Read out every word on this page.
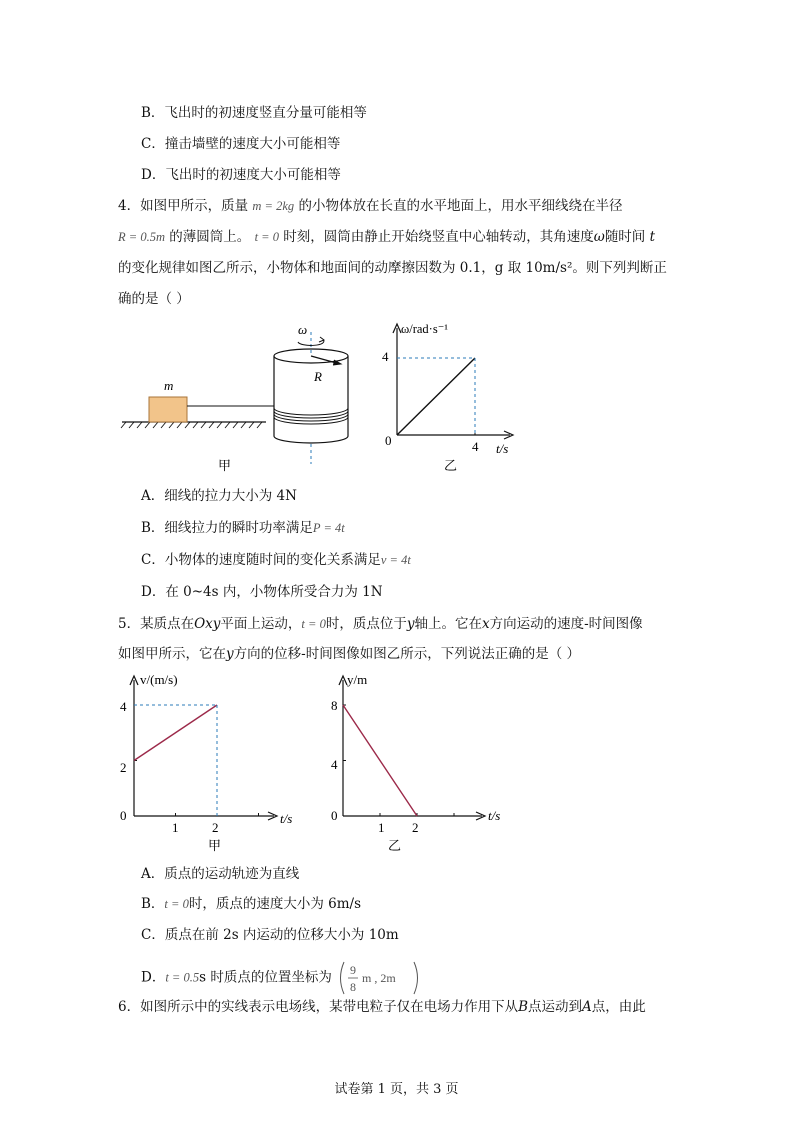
B．飞出时的初速度竖直分量可能相等
C．撞击墙壁的速度大小可能相等
D．飞出时的初速度大小可能相等
4．如图甲所示，质量 m = 2kg 的小物体放在长直的水平地面上，用水平细线绕在半径
R = 0.5m 的薄圆筒上。 t = 0 时刻，圆筒由静止开始绕竖直中心轴转动，其角速度ω随时间 t
的变化规律如图乙所示，小物体和地面间的动摩擦因数为 0.1，g 取 10m/s²。则下列判断正
确的是（ ）
m
ω
R
甲
ω/rad·s⁻¹
4
0	4 t/s
乙
A．细线的拉力大小为 4N
B．细线拉力的瞬时功率满足P = 4t
C．小物体的速度随时间的变化关系满足v = 4t
D．在 0~4s 内，小物体所受合力为 1N
5．某质点在Oxy平面上运动，t = 0时，质点位于y轴上。它在x方向运动的速度-时间图像
如图甲所示，它在y方向的位移-时间图像如图乙所示，下列说法正确的是（ ）
v/(m/s)
4
2
0
1	2
t/s
甲
y/m
8
4
0
1 2
t/s
乙
A．质点的运动轨迹为直线
B．t = 0时，质点的速度大小为 6m/s
C．质点在前 2s 内运动的位移大小为 10m
D．t = 0.5s 时质点的位置坐标为 9
8
m , 2m
6．如图所示中的实线表示电场线，某带电粒子仅在电场力作用下从B点运动到A点，由此
试卷第 1 页，共 3 页
